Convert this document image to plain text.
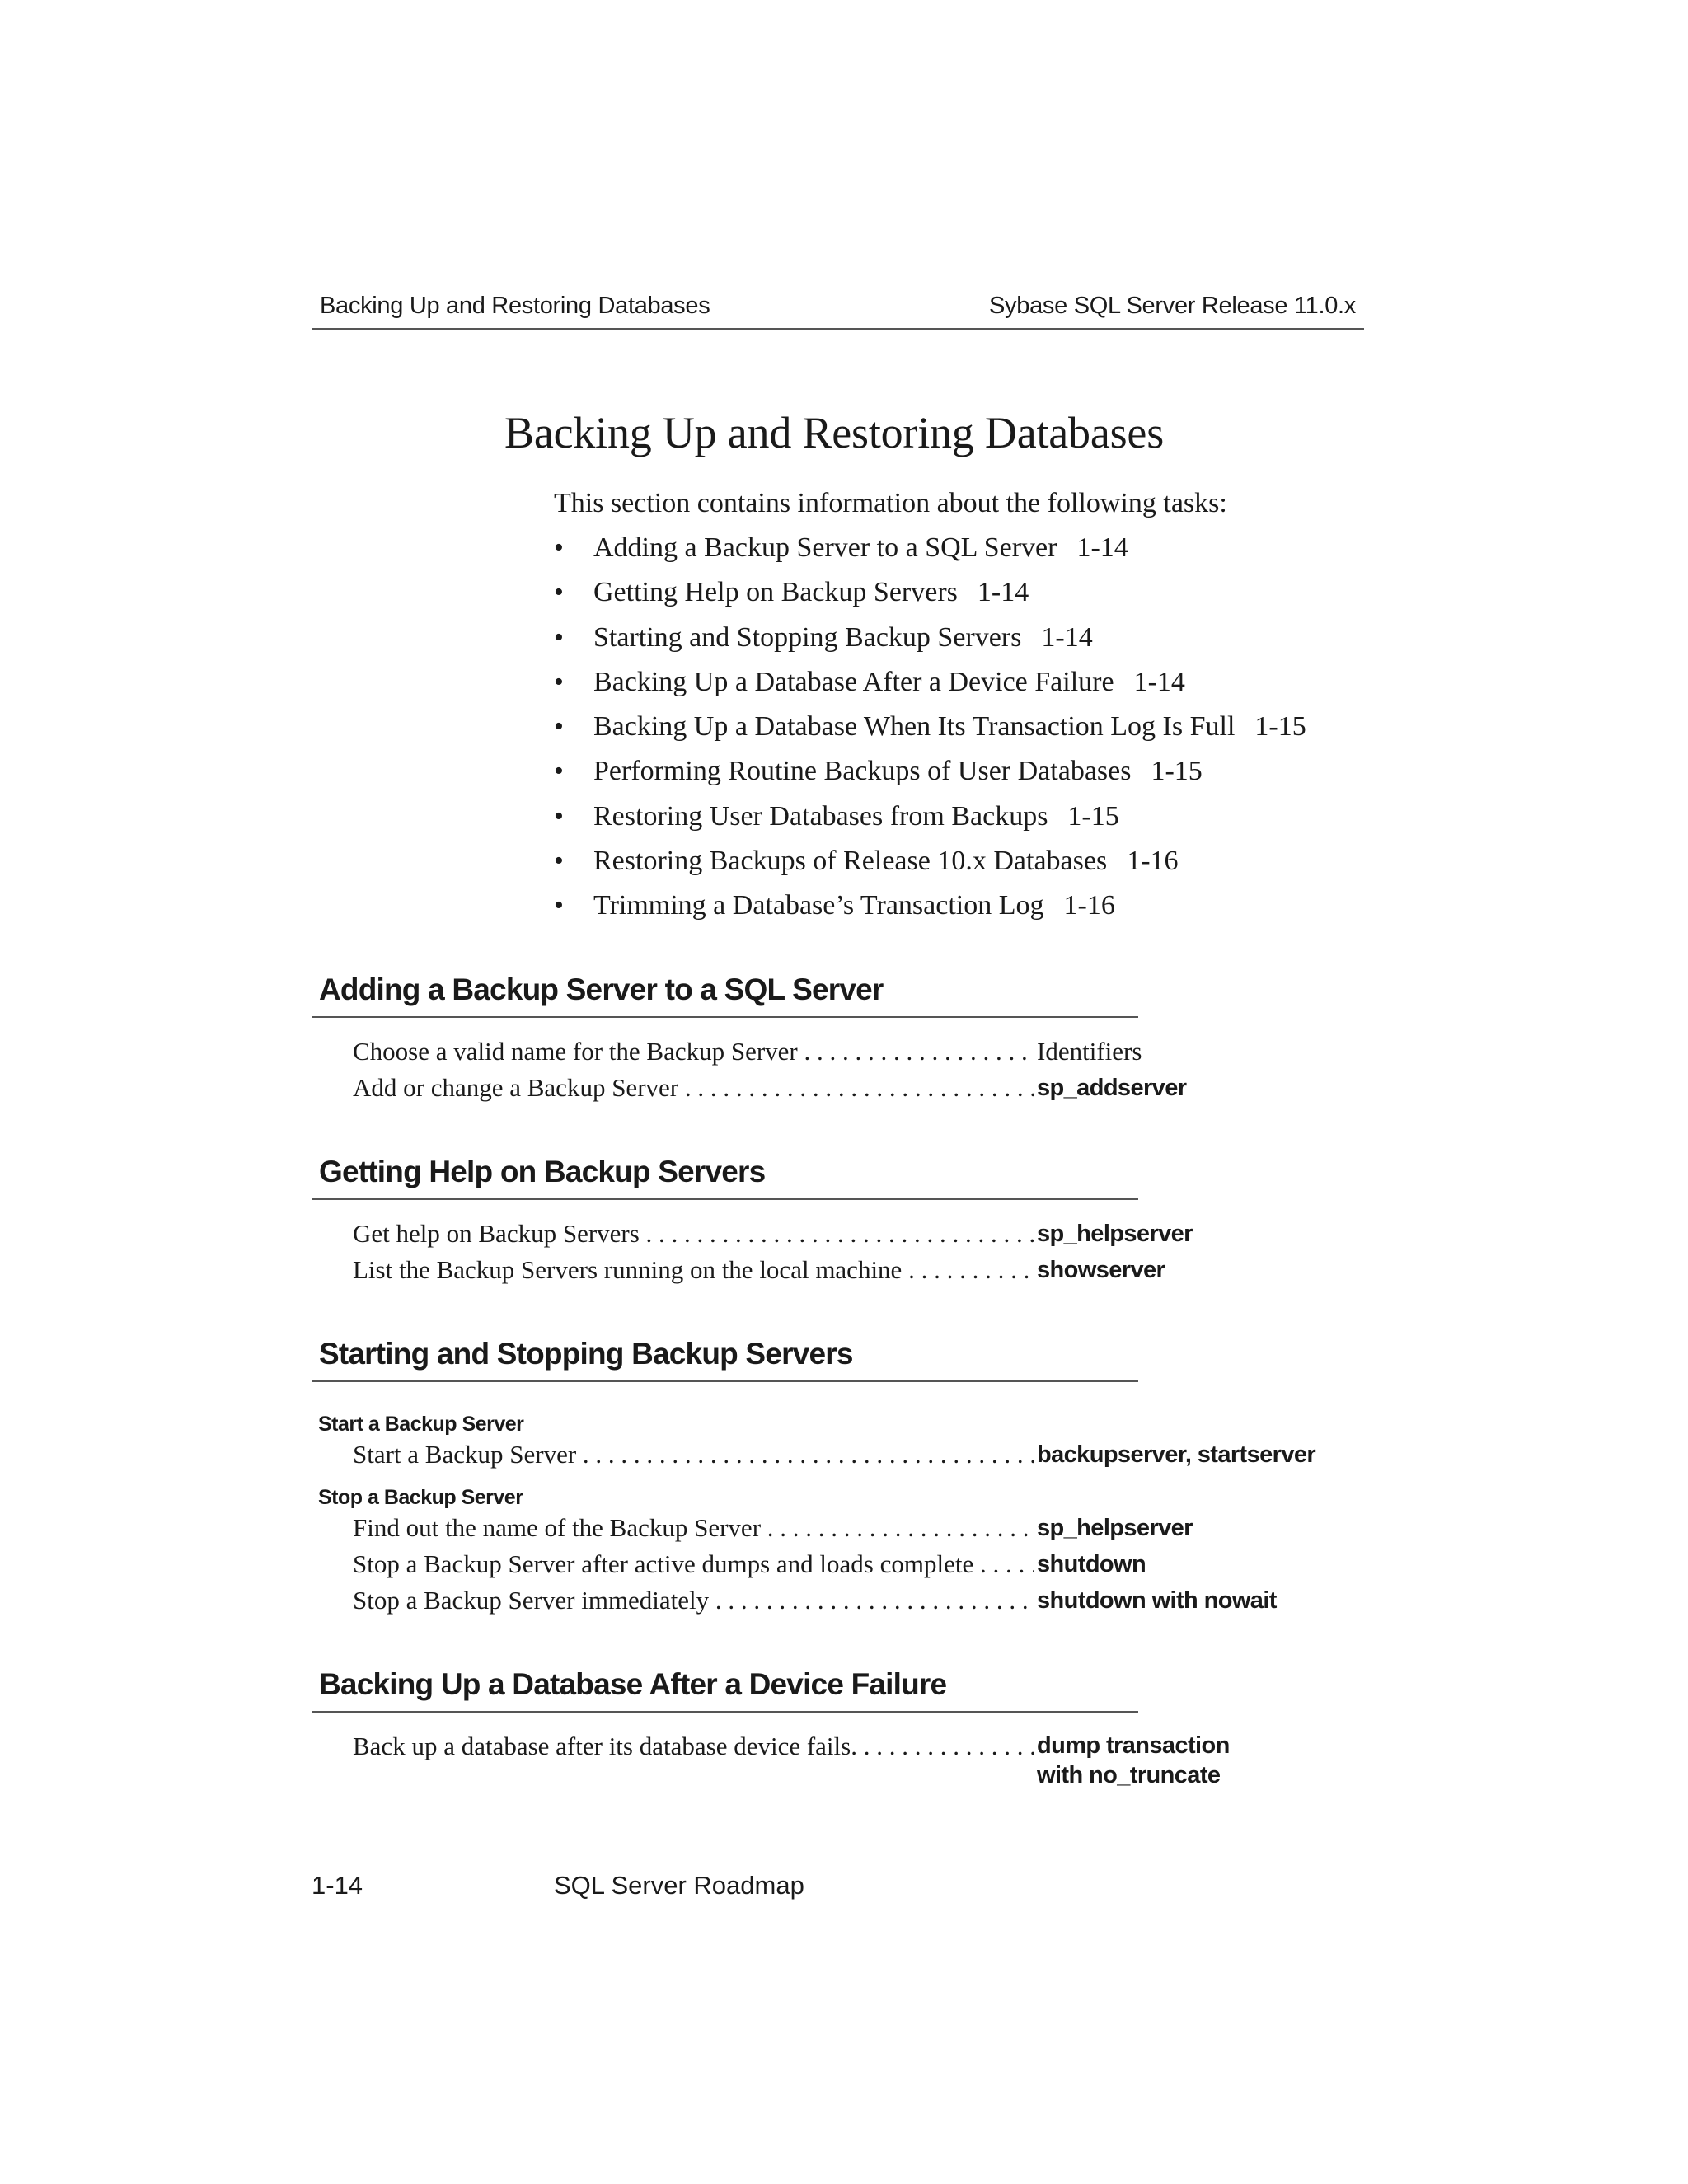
Backing Up and Restoring Databases	Sybase SQL Server Release 11.0.x
Backing Up and Restoring Databases

This section contains information about the following tasks:

• Adding a Backup Server to a SQL Server 1-14
• Getting Help on Backup Servers 1-14
• Starting and Stopping Backup Servers 1-14
• Backing Up a Database After a Device Failure 1-14
• Backing Up a Database When Its Transaction Log Is Full 1-15
• Performing Routine Backups of User Databases 1-15
• Restoring User Databases from Backups 1-15
• Restoring Backups of Release 10.x Databases 1-16
• Trimming a Database’s Transaction Log 1-16
Adding a Backup Server to a SQL Server
Choose a valid name for the Backup Server . . .	Identifiers
Add or change a Backup Server . . .	sp_addserver
Getting Help on Backup Servers
Get help on Backup Servers . . .	sp_helpserver
List the Backup Servers running on the local machine . . .	showserver
Starting and Stopping Backup Servers
Start a Backup Server
Start a Backup Server . . .	backupserver, startserver
Stop a Backup Server
Find out the name of the Backup Server . . .	sp_helpserver
Stop a Backup Server after active dumps and loads complete . . .	shutdown
Stop a Backup Server immediately . . .	shutdown with nowait
Backing Up a Database After a Device Failure
Back up a database after its database device fails. . . .	dump transaction with no_truncate
1-14	SQL Server Roadmap
